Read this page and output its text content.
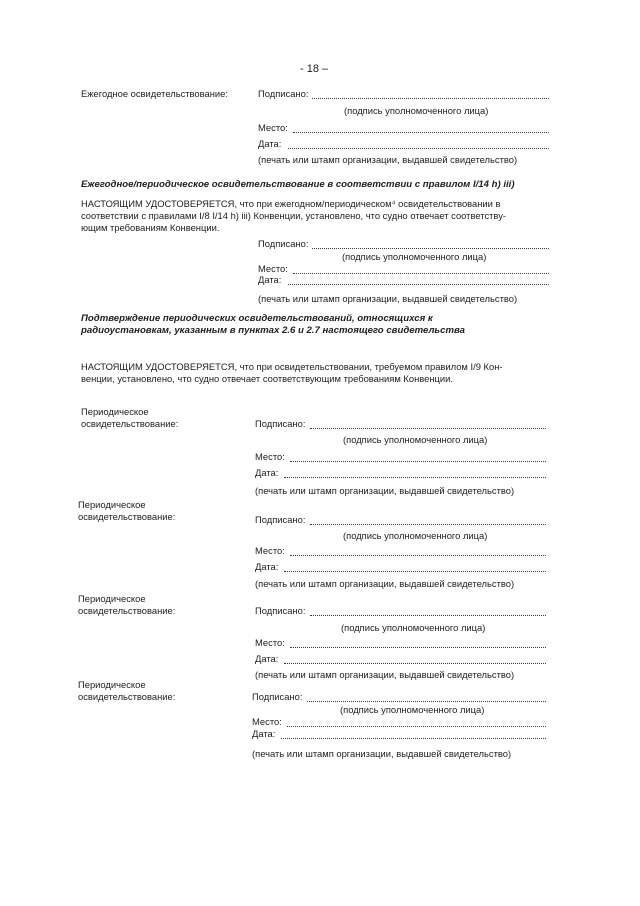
- 18 –
Ежегодное освидетельствование:	Подписано:
(подпись уполномоченного лица)
Место:
Дата:
(печать или штамп организации, выдавшей свидетельство)
Ежегодное/периодическое освидетельствование в соответствии с правилом I/14 h) iii)
НАСТОЯЩИМ УДОСТОВЕРЯЕТСЯ, что при ежегодном/периодическом⁴ освидетельствовании в
соответствии с правилами I/8 I/14 h) iii) Конвенции, установлено, что судно отвечает соответству-
ющим требованиям Конвенции.
Подписано:
(подпись уполномоченного лица)
Место:
Дата:
(печать или штамп организации, выдавшей свидетельство)
Подтверждение периодических освидетельствований, относящихся к
радиоустановкам, указанным в пунктах 2.6 и 2.7 настоящего свидетельства
НАСТОЯЩИМ УДОСТОВЕРЯЕТСЯ, что при освидетельствовании, требуемом правилом I/9 Кон-
венции, установлено, что судно отвечает соответствующим требованиям Конвенции.
Периодическое
освидетельствование:	Подписано:
(подпись уполномоченного лица)
Место:
Дата:
(печать или штамп организации, выдавшей свидетельство)
Периодическое
освидетельствование:	Подписано:
(подпись уполномоченного лица)
Место:
Дата:
(печать или штамп организации, выдавшей свидетельство)
Периодическое
освидетельствование:	Подписано:
(подпись уполномоченного лица)
Место:
Дата:
(печать или штамп организации, выдавшей свидетельство)
Периодическое
освидетельствование:	Подписано:
(подпись уполномоченного лица)
Место:
Дата:
(печать или штамп организации, выдавшей свидетельство)
